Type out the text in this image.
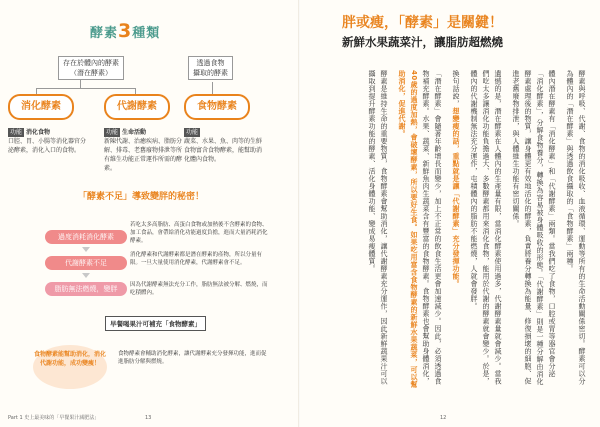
酵素3種類
存在於體內的酵素
（潛在酵素）
透過食物
攝取的酵素
消化酵素	代謝酵素	食物酵素
功能 消化食物
口腔、胃、小腸等消化器官分泌酵素，消化入口的食物。
功能 生命活動
新陳代謝、治癒疾病、脂肪分解、排毒、老舊廢物排泄等所有維生功能正常運作所需的酵素。
功能
蔬菜、水果、魚、肉等的生鮮食物富含食物酵素，能幫助消化體內食物。
「酵素不足」導致變胖的秘密！
過度消耗消化酵素
代謝酵素不足
脂肪無法燃燒，變胖
若吃太多高脂肪、高蛋白食物或加熱後不含酵素的食物、加工食品，會帶給消化功能過度負擔，進而大量消耗消化酵素。
消化酵素和代謝酵素都是潛在酵素的產物，所以分量有限。一旦大量使用消化酵素，代謝酵素會不足。
因為代謝酵素無法充分工作，脂肪無法被分解、燃燒，而吃積體內。
早餐喝果汁可補充「食物酵素」
食物酵素能幫助消化，消化代謝功能，成功變瘦！
食物酵素會輔助消化酵素，讓代謝酵素充分發揮功能，進而促進脂肪分解與燃燒。
Part 1 史上最美味的「早餐果汁減肥法」	13
胖或瘦，「酵素」是關鍵！
新鮮水果蔬菜汁，讓脂肪超燃燒

酵素與呼吸、代謝、食物的消化吸收、血液循環、運動等所有的生命活動關係密切。酵素可以分為體內的「潛在酵素」與透過飲食攝取的「食物酵素」兩種。

體內潛在酵素有「消化酵素」和「代謝酵素」兩類。當我們吃了食物，口腔或胃等器官會分泌「消化酵素」，分解食物養分，轉換為容易被身體吸收的形態。「代謝酵素」則是一種分解由消化酵素處理後的物質，讓身體更有效地活化的酵素，負責將養分轉換為能量、修復損壞的細胞、促進老舊廢物排泄，與人體維生功能有密切關係。

遺憾的是，潛在酵素在人體內的生產量有限，當消化酵素使用過多，代謝酵素量就會減少。當我們吃太多讓消化功能負擔過大、多數酵素都用來消化食物，能用於代謝的酵素就會變少。於是，體內的代謝機制無法充分運作，屯積體內的脂肪不能燃燒，人就會發胖。

換句話說，想變瘦的話，重點就是讓「代謝酵素」充分發揮功能。

「潛在酵素」會隨著年齡增長而變少，加上不正常的飲食生活更會加速減少。因此，必須透過食物補充酵素。水果、蔬菜、新鮮魚肉生蔬菜含有豐富的食物酵素。食物酵素也會幫助身體消化，40歲的過度加熱，會破壞酵素，所以要好生食。如果吃用富含食物酵素的新鮮水果蔬菜，可以幫助消化，促進代謝。

酵素是維持生命的重要物質，食物酵素會幫助消化，讓代謝酵素充分運作，因此新鮮蔬果汁可以攝取到提升酵素功能的酵素、活化身體功能、變成易瘦體質。

12
